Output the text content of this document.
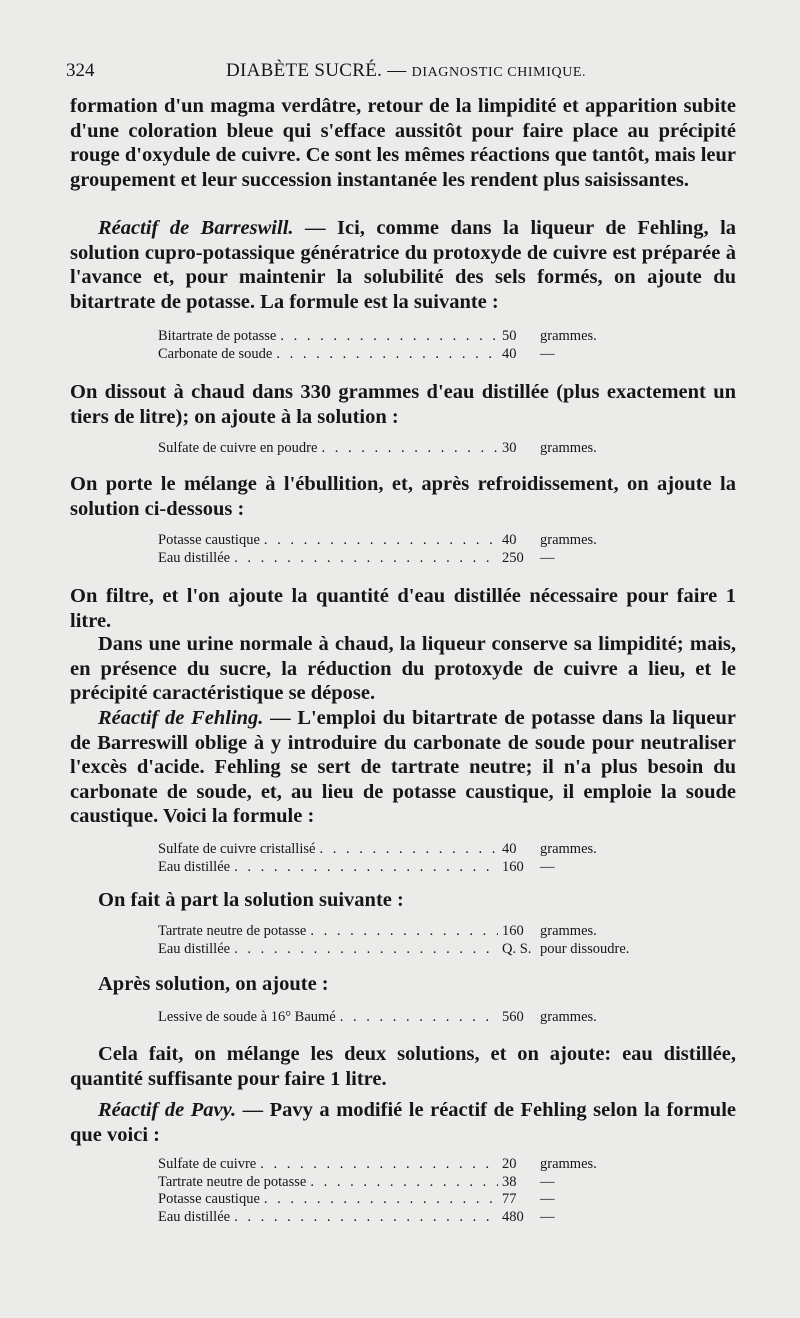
324	DIABÈTE SUCRÉ. — DIAGNOSTIC CHIMIQUE.

formation d'un magma verdâtre, retour de la limpidité et apparition subite d'une coloration bleue qui s'efface aussitôt pour faire place au précipité rouge d'oxydule de cuivre. Ce sont les mêmes réactions que tantôt, mais leur groupement et leur succession instantanée les rendent plus saisissantes.

Réactif de Barreswill. — Ici, comme dans la liqueur de Fehling, la solution cupro-potassique génératrice du protoxyde de cuivre est préparée à l'avance et, pour maintenir la solubilité des sels formés, on ajoute du bitartrate de potasse. La formule est la suivante :

Bitartrate de potasse . . .	50	grammes.
Carbonate de soude . . .	40	—

On dissout à chaud dans 330 grammes d'eau distillée (plus exactement un tiers de litre); on ajoute à la solution :

Sulfate de cuivre en poudre . . .	30	grammes.

On porte le mélange à l'ébullition, et, après refroidissement, on ajoute la solution ci-dessous :

Potasse caustique . . .	40	grammes.
Eau distillée . . .	250	—

On filtre, et l'on ajoute la quantité d'eau distillée nécessaire pour faire 1 litre.

Dans une urine normale à chaud, la liqueur conserve sa limpidité; mais, en présence du sucre, la réduction du protoxyde de cuivre a lieu, et le précipité caractéristique se dépose.

Réactif de Fehling. — L'emploi du bitartrate de potasse dans la liqueur de Barreswill oblige à y introduire du carbonate de soude pour neutraliser l'excès d'acide. Fehling se sert de tartrate neutre; il n'a plus besoin du carbonate de soude, et, au lieu de potasse caustique, il emploie la soude caustique. Voici la formule :

Sulfate de cuivre cristallisé . . .	40	grammes.
Eau distillée . . .	160	—

On fait à part la solution suivante :

Tartrate neutre de potasse . . .	160	grammes.
Eau distillée . . .	Q. S. pour dissoudre.

Après solution, on ajoute :

Lessive de soude à 16° Baumé . . .	560	grammes.

Cela fait, on mélange les deux solutions, et on ajoute: eau distillée, quantité suffisante pour faire 1 litre.

Réactif de Pavy. — Pavy a modifié le réactif de Fehling selon la formule que voici :

Sulfate de cuivre . . .	20	grammes.
Tartrate neutre de potasse . . .	38	—
Potasse caustique . . .	77	—
Eau distillée . . .	480	—
